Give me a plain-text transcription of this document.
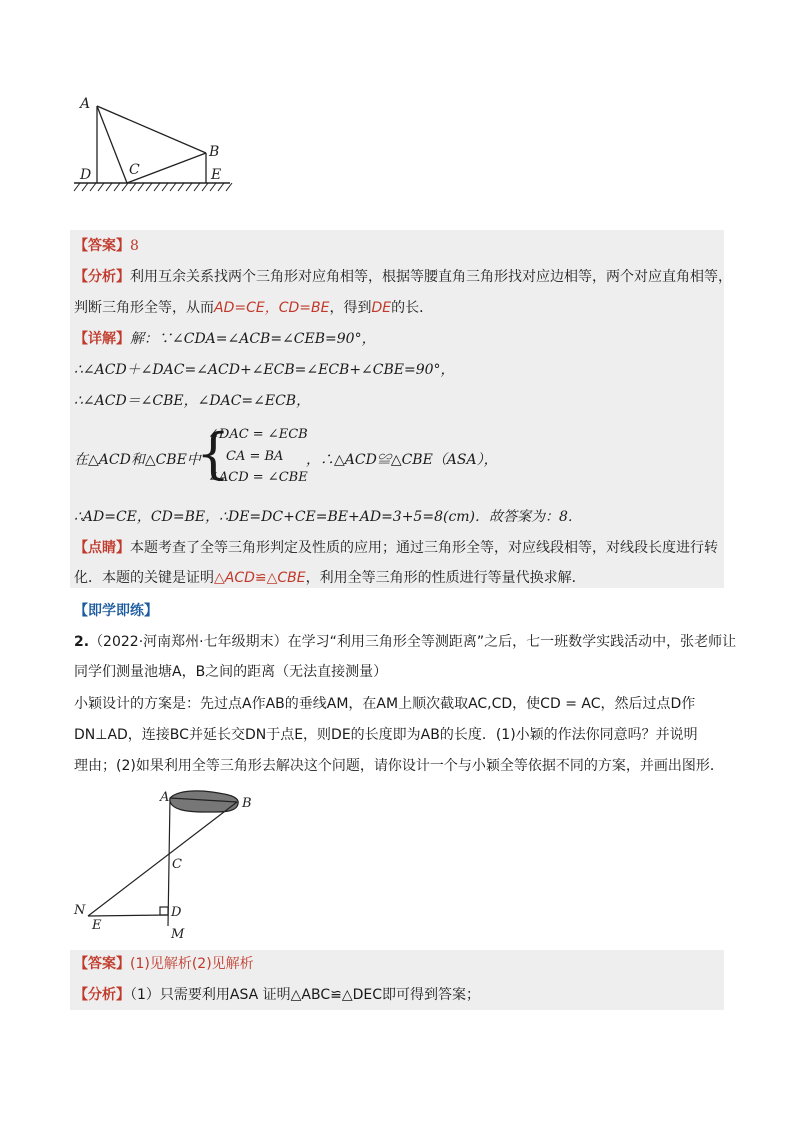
A
B
C
D	E
【答案】8
【分析】利用互余关系找两个三角形对应角相等，根据等腰直角三角形找对应边相等，两个对应直角相等，
判断三角形全等，从而AD=CE，CD=BE，得到DE的长．
【详解】解：∵∠CDA=∠ACB=∠CEB=90°，
∴∠ACD＋∠DAC=∠ACD+∠ECB=∠ECB+∠CBE=90°，
∴∠ACD＝∠CBE，∠DAC=∠ECB，
在△ACD和△CBE中
{
∠DAC = ∠ECB
CA = BA
∠ACD = ∠CBE
，∴△ACD≌△CBE（ASA），
∴AD=CE，CD=BE，∴DE=DC+CE=BE+AD=3+5=8(cm)．故答案为：8．
【点睛】本题考查了全等三角形判定及性质的应用；通过三角形全等，对应线段相等，对线段长度进行转
化．本题的关键是证明△ACD≌△CBE，利用全等三角形的性质进行等量代换求解．
【即学即练】
2.（2022·河南郑州·七年级期末）在学习“利用三角形全等测距离”之后，七一班数学实践活动中，张老师让
同学们测量池塘A，B之间的距离（无法直接测量）
小颖设计的方案是：先过点A作AB的垂线AM，在AM上顺次截取AC,CD，使CD = AC，然后过点D作
DN⊥AD，连接BC并延长交DN于点E，则DE的长度即为AB的长度．(1)小颖的作法你同意吗？并说明
理由；(2)如果利用全等三角形去解决这个问题，请你设计一个与小颖全等依据不同的方案，并画出图形．
A	B
C
D
E
N
M
【答案】(1)见解析(2)见解析
【分析】（1）只需要利用ASA 证明△ABC≌△DEC即可得到答案；
